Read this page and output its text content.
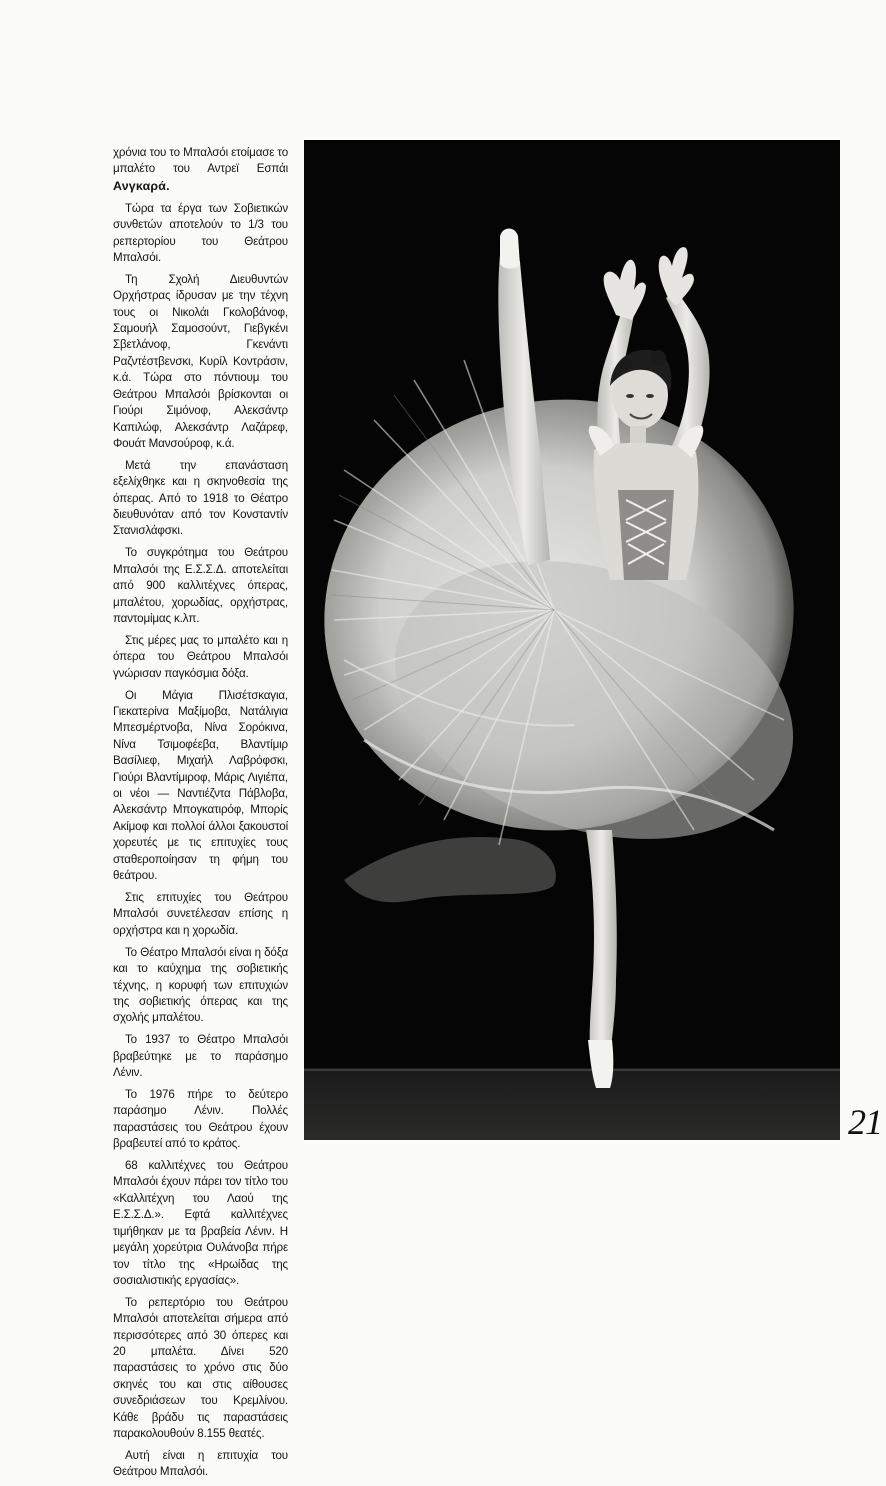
χρόνια του το Μπαλσόι ετοίμασε το μπαλέτο του Αντρεϊ Εσπάι Ανγκαρά.

Τώρα τα έργα των Σοβιετικών συνθετών αποτελούν το 1/3 του ρεπερτορίου του Θεάτρου Μπαλσόι.

Τη Σχολή Διευθυντών Ορχήστρας ίδρυσαν με την τέχνη τους οι Νικολάι Γκολοβάνοφ, Σαμουήλ Σαμοσούντ, Γιεβγκένι Σβετλάνοφ, Γκενάντι Ραζντέστβενσκι, Κυρίλ Κοντράσιν, κ.ά. Τώρα στο πόντιουμ του Θεάτρου Μπαλσόι βρίσκονται οι Γιούρι Σιμόνοφ, Αλεκσάντρ Καπιλώφ, Αλεκσάντρ Λαζάρεφ, Φουάτ Μανσούροφ, κ.ά.

Μετά την επανάσταση εξελίχθηκε και η σκηνοθεσία της όπερας. Από το 1918 το Θέατρο διευθυνόταν από τον Κονσταντίν Στανισλάφσκι.

Το συγκρότημα του Θεάτρου Μπαλσόι της Ε.Σ.Σ.Δ. αποτελείται από 900 καλλιτέχνες όπερας, μπαλέτου, χορωδίας, ορχήστρας, παντομίμας κ.λπ.

Στις μέρες μας το μπαλέτο και η όπερα του Θεάτρου Μπαλσόι γνώρισαν παγκόσμια δόξα.

Οι Μάγια Πλισέτσκαγια, Γιεκατερίνα Μαξίμοβα, Νατάλιγια Μπεσμέρτνοβα, Νίνα Σορόκινα, Νίνα Τσιμοφέεβα, Βλαντίμιρ Βασίλιεφ, Μιχαήλ Λαβρόφσκι, Γιούρι Βλαντίμιροφ, Μάρις Λιγιέπα, οι νέοι — Ναντιέζντα Πάβλοβα, Αλεκσάντρ Μπογκατιρόφ, Μπορίς Ακίμοφ και πολλοί άλλοι ξακουστοί χορευτές με τις επιτυχίες τους σταθεροποίησαν τη φήμη του θεάτρου.

Στις επιτυχίες του Θεάτρου Μπαλσόι συνετέλεσαν επίσης η ορχήστρα και η χορωδία.

Το Θέατρο Μπαλσόι είναι η δόξα και το καύχημα της σοβιετικής τέχνης, η κορυφή των επιτυχιών της σοβιετικής όπερας και της σχολής μπαλέτου.

Το 1937 το Θέατρο Μπαλσόι βραβεύτηκε με το παράσημο Λένιν.

Το 1976 πήρε το δεύτερο παράσημο Λένιν. Πολλές παραστάσεις του Θεάτρου έχουν βραβευτεί από το κράτος.

68 καλλιτέχνες του Θεάτρου Μπαλσόι έχουν πάρει τον τίτλο του «Καλλιτέχνη του Λαού της Ε.Σ.Σ.Δ.». Εφτά καλλιτέχνες τιμήθηκαν με τα βραβεία Λένιν. Η μεγάλη χορεύτρια Ουλάνοβα πήρε τον τίτλο της «Ηρωίδας της σοσιαλιστικής εργασίας».

Το ρεπερτόριο του Θεάτρου Μπαλσόι αποτελείται σήμερα από περισσότερες από 30 όπερες και 20 μπαλέτα. Δίνει 520 παραστάσεις το χρόνο στις δύο σκηνές του και στις αίθουσες συνεδριάσεων του Κρεμλίνου. Κάθε βράδυ τις παραστάσεις παρακολουθούν 8.155 θεατές.

Αυτή είναι η επιτυχία του Θεάτρου Μπαλσόι.

21
